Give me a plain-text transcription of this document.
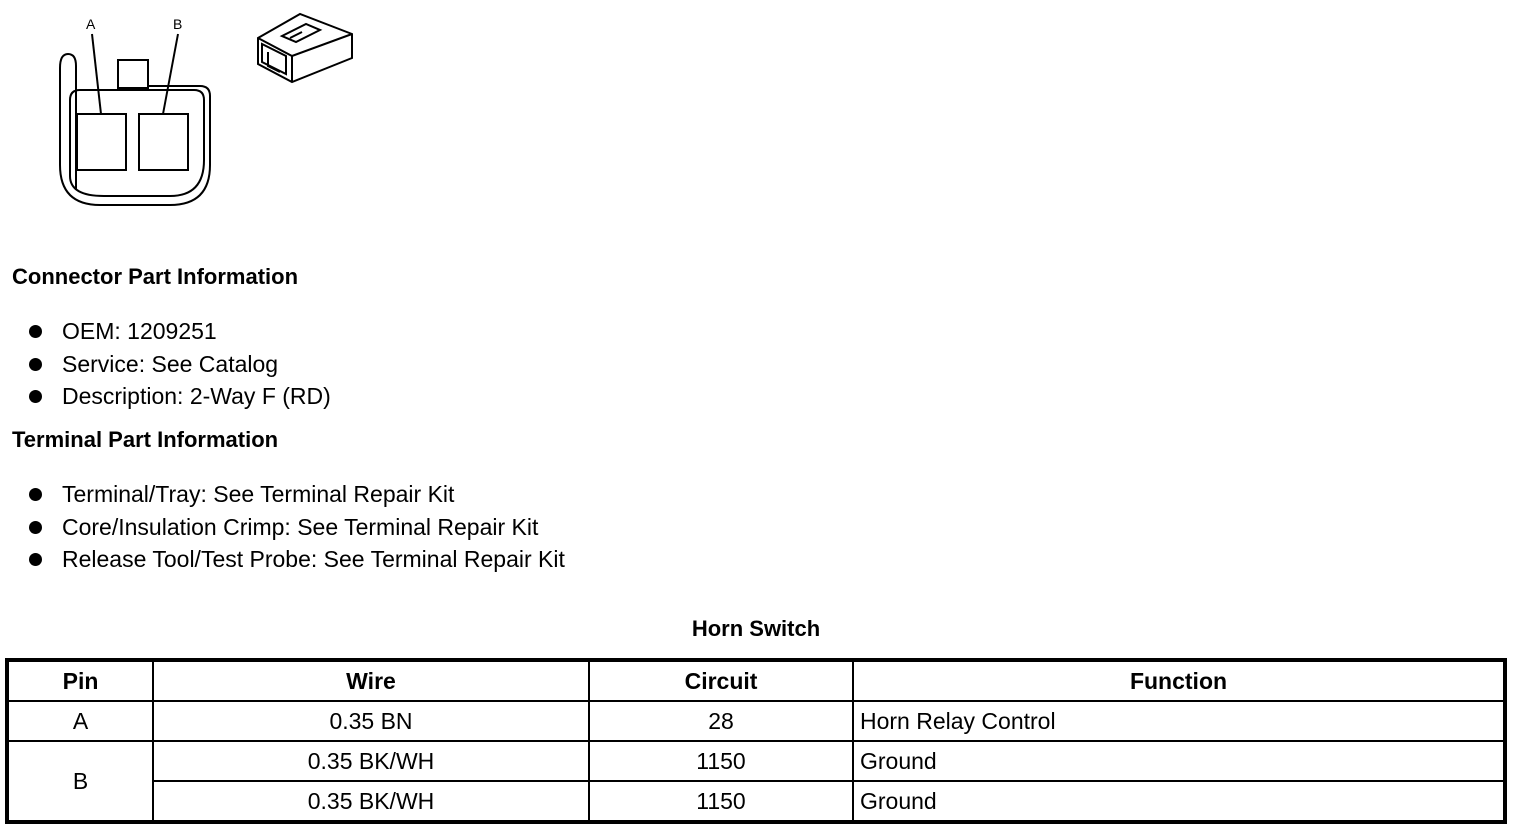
A	B
Connector Part Information
OEM: 1209251
Service: See Catalog
Description: 2-Way F (RD)
Terminal Part Information
Terminal/Tray: See Terminal Repair Kit
Core/Insulation Crimp: See Terminal Repair Kit
Release Tool/Test Probe: See Terminal Repair Kit
Horn Switch
Pin	Wire	Circuit	Function
A	0.35 BN	28	Horn Relay Control
B	0.35 BK/WH	1150	Ground
	0.35 BK/WH	1150	Ground
